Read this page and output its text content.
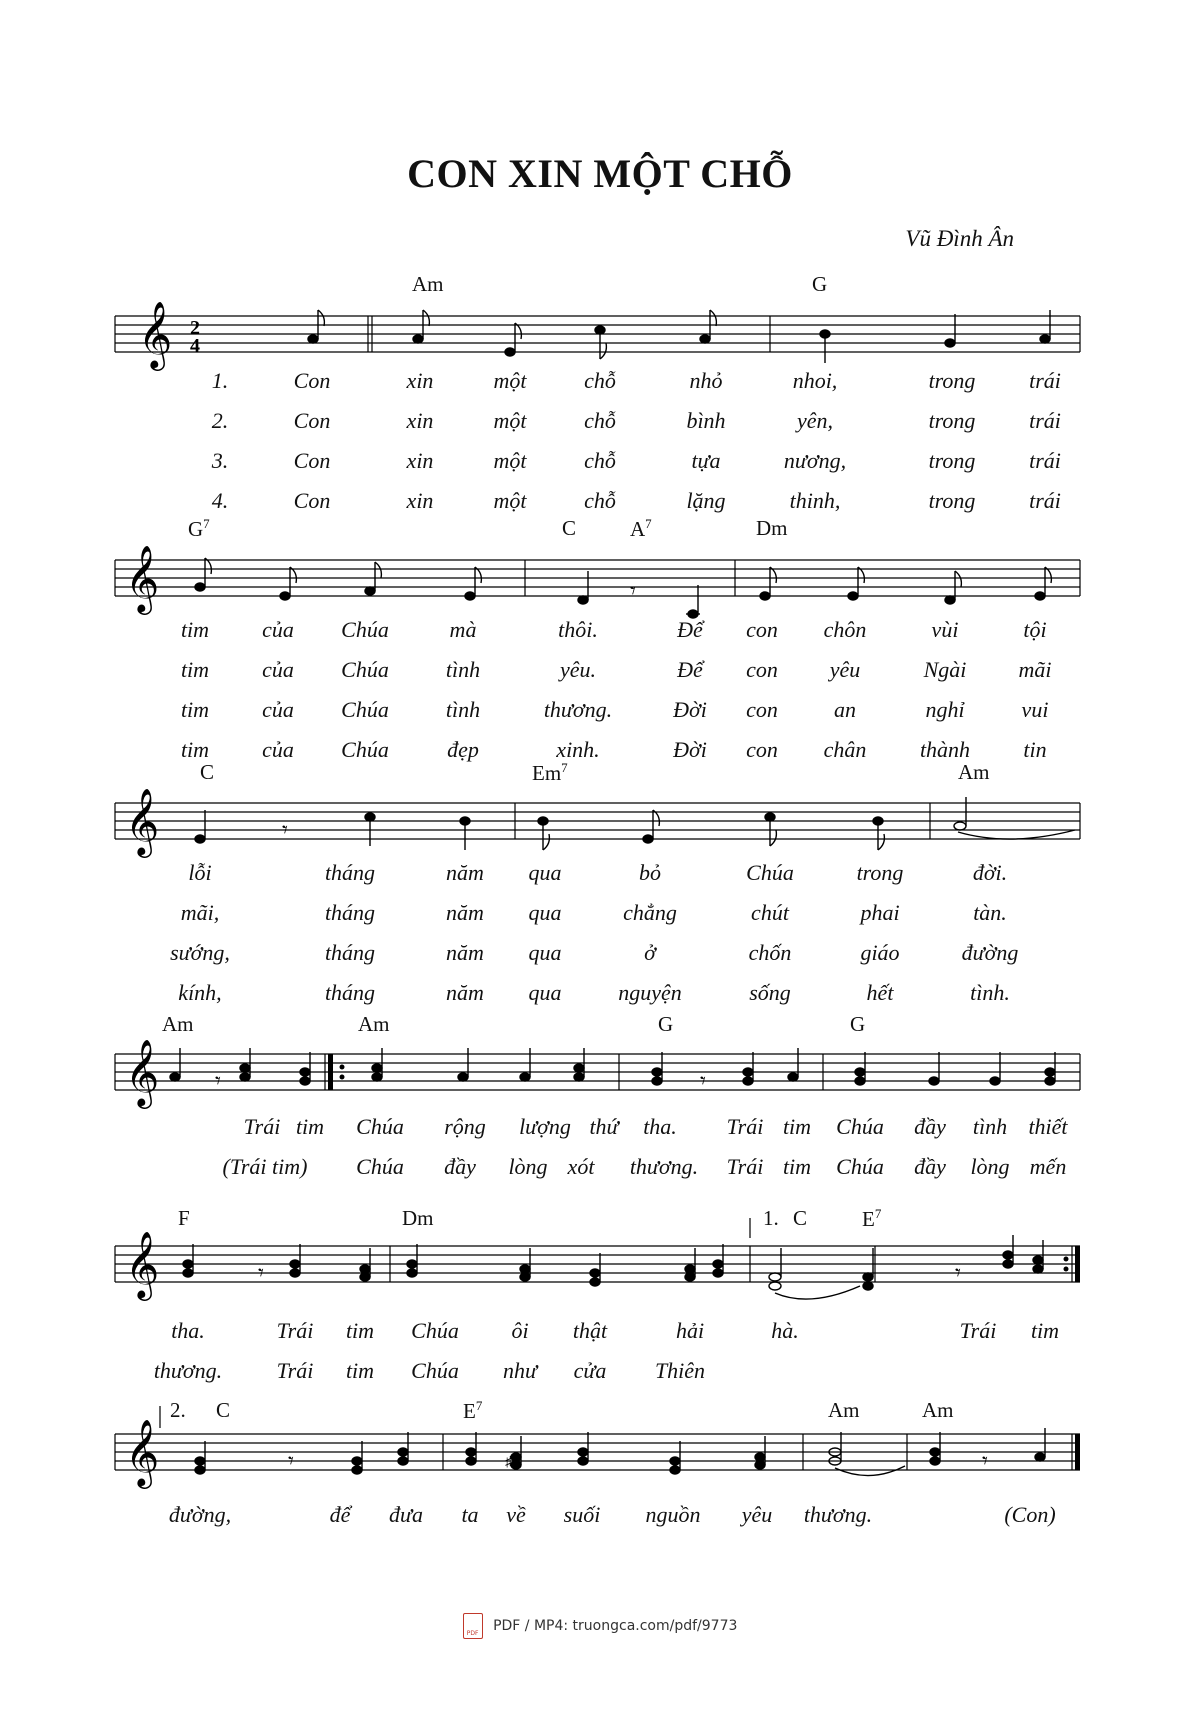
CON XIN MỘT CHỖ
Vũ Đình Ân
Am	G
𝄞 2
4
1.	Con	xin	một	chỗ	nhỏ	nhoi,	trong trái
2.	Con	xin	một	chỗ	bình	yên,	trong trái
3.	Con	xin	một	chỗ	tựa	nương,	trong trái
4.	Con	xin	một	chỗ	lặng	thinh,	trong trái
$G^7$	C	$A^7$	Dm
𝄞	𝄾
tim của Chúa	mà	thôi.	Để con chôn	vùi	tội
tim của Chúa	tình	yêu.	Để con yêu	Ngài mãi
tim của Chúa	tình	thương.	Đời con	an	nghỉ	vui
tim của Chúa	đẹp	xinh.	Đời con chân thành tin
C	Em$^7$	Am
𝄞	𝄾
lỗi	tháng	năm qua	bỏ	Chúa	trong	đời.
mãi,	tháng	năm qua	chẳng	chút	phai	tàn.
sướng,	tháng	năm qua	ở	chốn	giáo	đường
kính,	tháng	năm qua	nguyện	sống	hết	tình.
Am	Am	G	G
𝄞	𝄾	𝄾
Trái tim Chúa rộng lượng thứ tha. Trái tim Chúa đầy tình thiết
(Trái tim) Chúa đầy lòng xót thương. Trái tim Chúa đầy lòng mến
F	Dm	1. C	$E^7$
𝄞	𝄾	𝄾
tha.	Trái tim Chúa ôi thật	hải	hà.	Trái tim
thương. Trái tim Chúa như cửa Thiên
2. C	$E^7$	Am	Am
𝄞	♯
𝄾	𝄾
đường,	để đưa ta về suối nguồn yêu thương.	(Con)
PDF PDF / MP4: truongca.com/pdf/9773
